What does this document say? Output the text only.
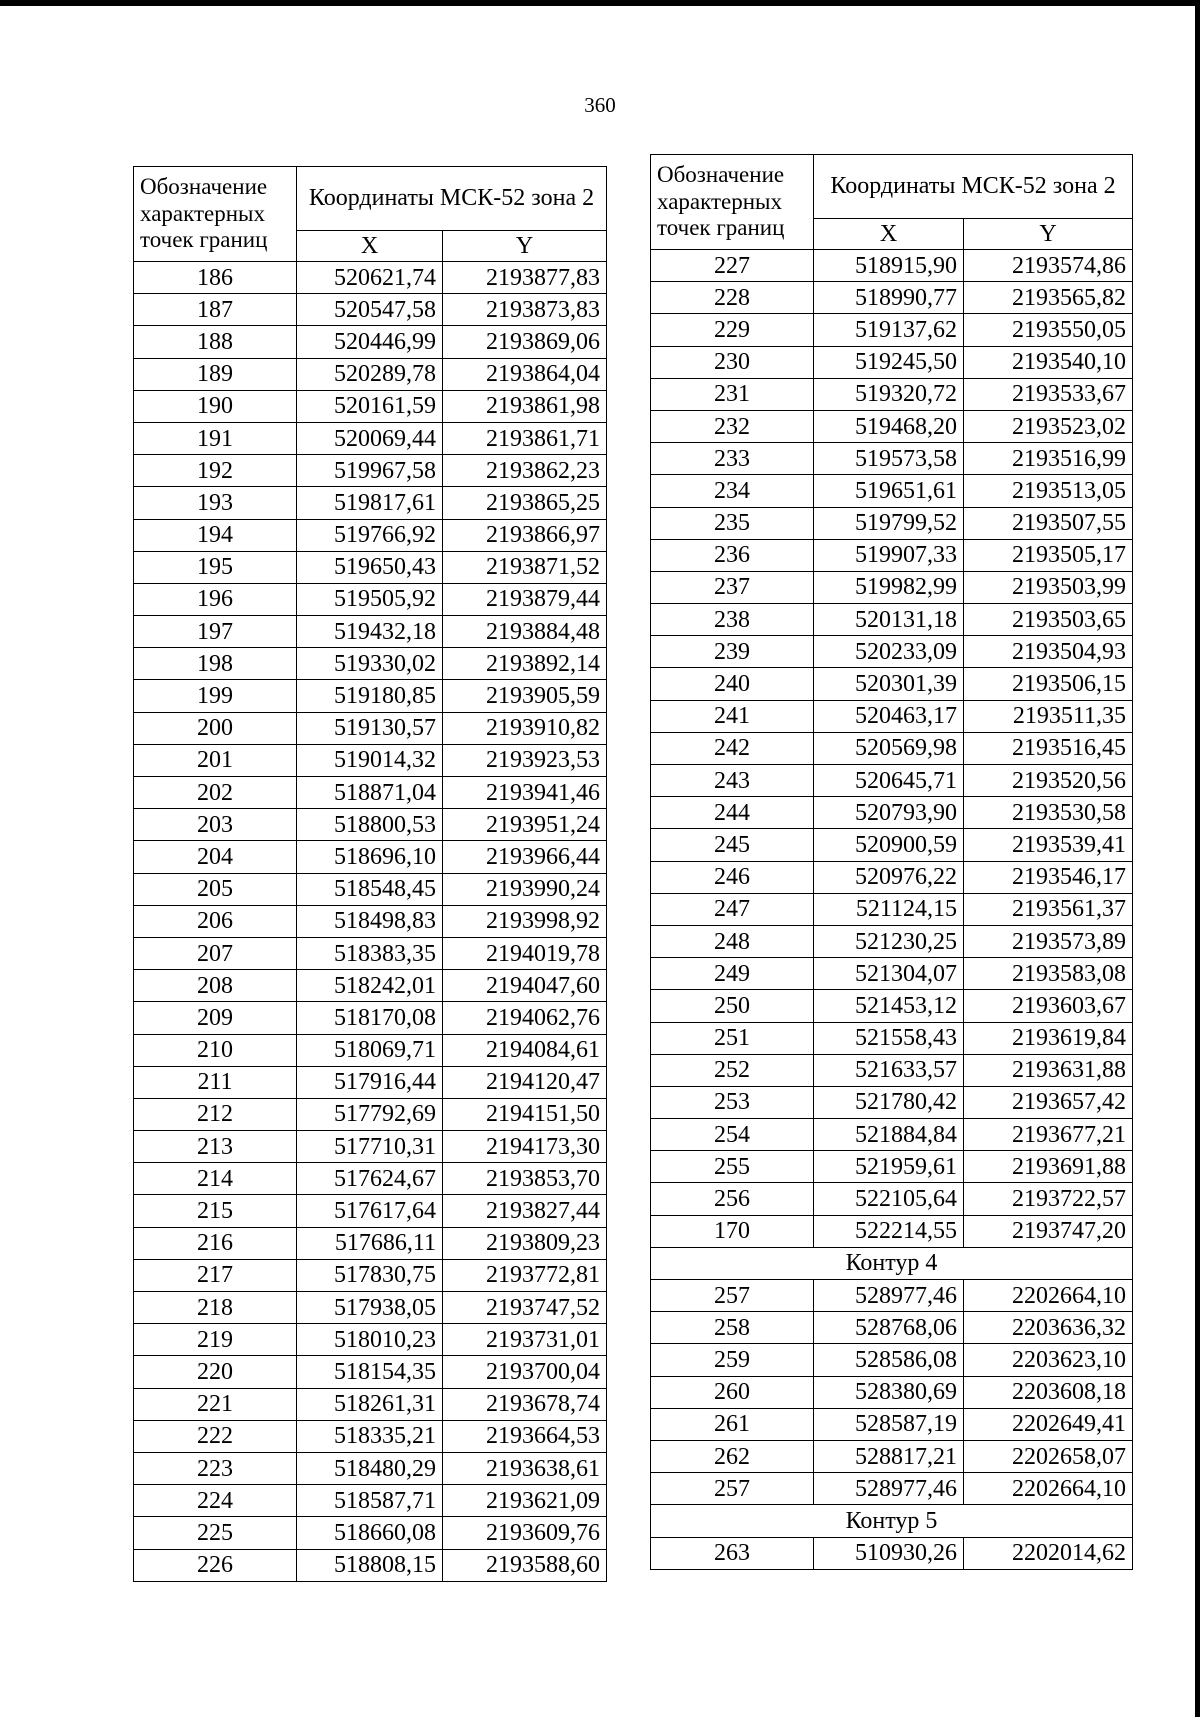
360
Обозначение характерных точек границ	Координаты МСК-52 зона 2	
	X	Y
186	520621,74	2193877,83
187	520547,58	2193873,83
188	520446,99	2193869,06
189	520289,78	2193864,04
190	520161,59	2193861,98
191	520069,44	2193861,71
192	519967,58	2193862,23
193	519817,61	2193865,25
194	519766,92	2193866,97
195	519650,43	2193871,52
196	519505,92	2193879,44
197	519432,18	2193884,48
198	519330,02	2193892,14
199	519180,85	2193905,59
200	519130,57	2193910,82
201	519014,32	2193923,53
202	518871,04	2193941,46
203	518800,53	2193951,24
204	518696,10	2193966,44
205	518548,45	2193990,24
206	518498,83	2193998,92
207	518383,35	2194019,78
208	518242,01	2194047,60
209	518170,08	2194062,76
210	518069,71	2194084,61
211	517916,44	2194120,47
212	517792,69	2194151,50
213	517710,31	2194173,30
214	517624,67	2193853,70
215	517617,64	2193827,44
216	517686,11	2193809,23
217	517830,75	2193772,81
218	517938,05	2193747,52
219	518010,23	2193731,01
220	518154,35	2193700,04
221	518261,31	2193678,74
222	518335,21	2193664,53
223	518480,29	2193638,61
224	518587,71	2193621,09
225	518660,08	2193609,76
226	518808,15	2193588,60
Обозначение характерных точек границ	Координаты МСК-52 зона 2	
	X	Y
227	518915,90	2193574,86
228	518990,77	2193565,82
229	519137,62	2193550,05
230	519245,50	2193540,10
231	519320,72	2193533,67
232	519468,20	2193523,02
233	519573,58	2193516,99
234	519651,61	2193513,05
235	519799,52	2193507,55
236	519907,33	2193505,17
237	519982,99	2193503,99
238	520131,18	2193503,65
239	520233,09	2193504,93
240	520301,39	2193506,15
241	520463,17	2193511,35
242	520569,98	2193516,45
243	520645,71	2193520,56
244	520793,90	2193530,58
245	520900,59	2193539,41
246	520976,22	2193546,17
247	521124,15	2193561,37
248	521230,25	2193573,89
249	521304,07	2193583,08
250	521453,12	2193603,67
251	521558,43	2193619,84
252	521633,57	2193631,88
253	521780,42	2193657,42
254	521884,84	2193677,21
255	521959,61	2193691,88
256	522105,64	2193722,57
170	522214,55	2193747,20
Контур 4		
257	528977,46	2202664,10
258	528768,06	2203636,32
259	528586,08	2203623,10
260	528380,69	2203608,18
261	528587,19	2202649,41
262	528817,21	2202658,07
257	528977,46	2202664,10
Контур 5		
263	510930,26	2202014,62
